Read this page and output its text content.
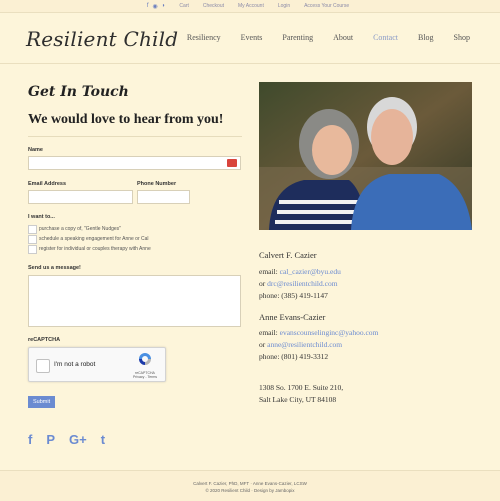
f ◉ ◗	Cart	Checkout	My Account	Login	Access Your Course
Resilient Child Resiliency	Events	Parenting	About	Contact	Blog	Shop
Get In Touch
We would love to hear from you!
Name
Email Address	Phone Number
I want to...
purchase a copy of, "Gentle Nudges"
schedule a speaking engagement for Anne or Cal
register for individual or couples therapy with Anne
Send us a message!
reCAPTCHA
I'm not a robot
reCAPTCHA
Privacy - Terms
Submit
f P G+ t
Calvert F. Cazier
email: cal_cazier@byu.edu
or drc@resilientchild.com
phone: (385) 419-1147
Anne Evans-Cazier
email: evanscounselinginc@yahoo.com
or anne@resilientchild.com
phone: (801) 419-3312
1308 So. 1700 E. Suite 210,
Salt Lake City, UT 84108
Calvert F. Cazier, PhD, MFT · Anne Evans-Cazier, LCSW
© 2020 Resilient Child · Design by Jambopix
